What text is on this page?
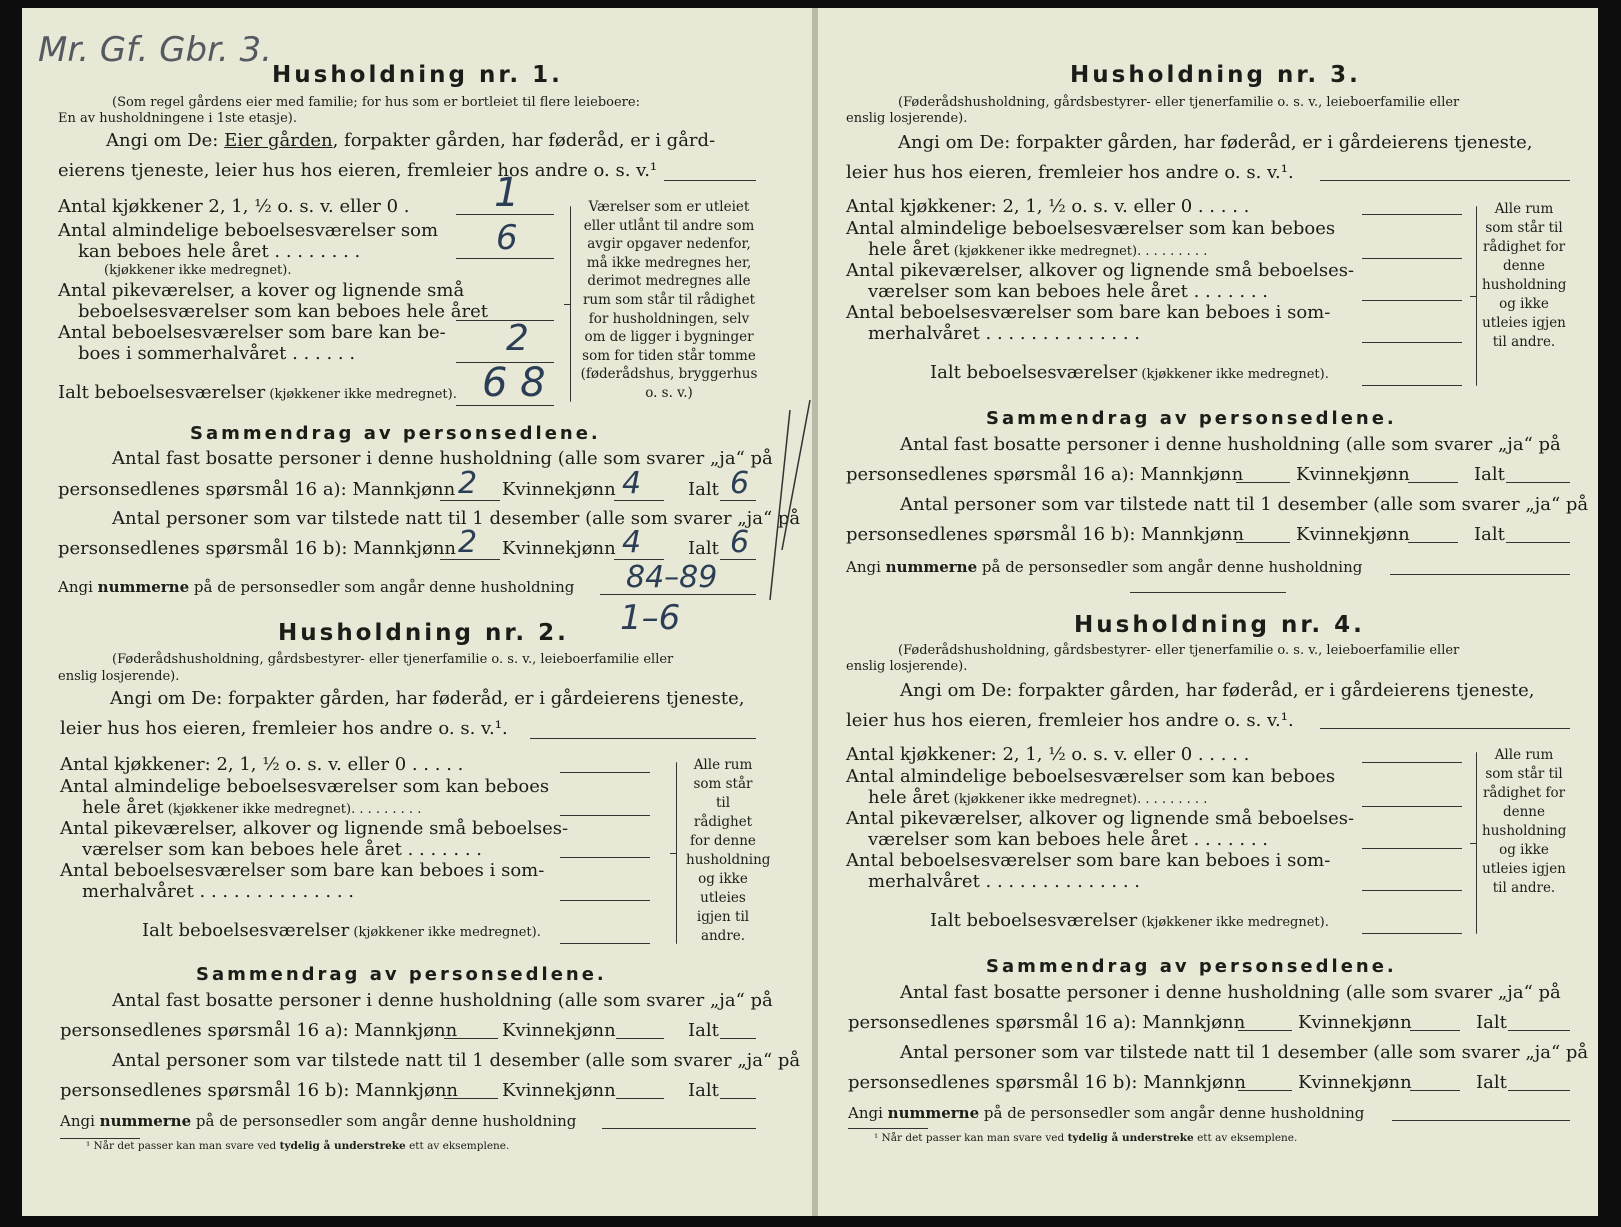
Mr. Gf. Gbr. 3.
Husholdning nr. 1.
(Som regel gårdens eier med familie; for hus som er bortleiet til flere leieboere:
En av husholdningene i 1ste etasje).
Angi om De: Eier gården, forpakter gården, har føderåd, er i gård-
eierens tjeneste, leier hus hos eieren, fremleier hos andre o. s. v.¹
Antal kjøkkener 2, 1, ½ o. s. v. eller 0 . 1
Antal almindelige beboelsesværelser som
kan beboes hele året . . . . . . . .
(kjøkkener ikke medregnet).
6
Antal pikeværelser, a kover og lignende små
beboelsesværelser som kan beboes hele året
Antal beboelsesværelser som bare kan be-
boes i sommerhalvåret . . . . . .	2
Ialt beboelsesværelser (kjøkkener ikke medregnet). 6 8
Værelser som er utleiet eller utlånt til andre som avgir opgaver nedenfor, må ikke medregnes her, derimot medregnes alle rum som står til rådighet for husholdningen, selv om de ligger i bygninger som for tiden står tomme (føderådshus, bryggerhus o. s. v.)
Sammendrag av personsedlene.
Antal fast bosatte personer i denne husholdning (alle som svarer „ja“ på
personsedlenes spørsmål 16 a): Mannkjønn 2 Kvinnekjønn 4	Ialt 6
Antal personer som var tilstede natt til 1 desember (alle som svarer „ja“ på
personsedlenes spørsmål 16 b): Mannkjønn 2 Kvinnekjønn 4	Ialt 6
Angi nummerne på de personsedler som angår denne husholdning 84–89
1–6
Husholdning nr. 2.
(Føderådshusholdning, gårdsbestyrer- eller tjenerfamilie o. s. v., leieboerfamilie eller
enslig losjerende).
Angi om De: forpakter gården, har føderåd, er i gårdeierens tjeneste,
leier hus hos eieren, fremleier hos andre o. s. v.¹.
Antal kjøkkener: 2, 1, ½ o. s. v. eller 0 . . . . .
Antal almindelige beboelsesværelser som kan beboes
hele året (kjøkkener ikke medregnet). . . . . . . . .
Antal pikeværelser, alkover og lignende små beboelses-
værelser som kan beboes hele året . . . . . . .
Antal beboelsesværelser som bare kan beboes i som-
merhalvåret . . . . . . . . . . . . . .
Ialt beboelsesværelser (kjøkkener ikke medregnet).
Alle rum som står til rådighet for denne husholdning og ikke utleies igjen til andre.
Sammendrag av personsedlene.
Antal fast bosatte personer i denne husholdning (alle som svarer „ja“ på
personsedlenes spørsmål 16 a): Mannkjønn Kvinnekjønn	Ialt
Antal personer som var tilstede natt til 1 desember (alle som svarer „ja“ på
personsedlenes spørsmål 16 b): Mannkjønn Kvinnekjønn	Ialt
Angi nummerne på de personsedler som angår denne husholdning
¹ Når det passer kan man svare ved tydelig å understreke ett av eksemplene.
Husholdning nr. 3.
(Føderådshusholdning, gårdsbestyrer- eller tjenerfamilie o. s. v., leieboerfamilie eller
enslig losjerende).
Angi om De: forpakter gården, har føderåd, er i gårdeierens tjeneste,
leier hus hos eieren, fremleier hos andre o. s. v.¹.
Antal kjøkkener: 2, 1, ½ o. s. v. eller 0 . . . . .
Antal almindelige beboelsesværelser som kan beboes
hele året (kjøkkener ikke medregnet). . . . . . . . .
Antal pikeværelser, alkover og lignende små beboelses-
værelser som kan beboes hele året . . . . . . .
Antal beboelsesværelser som bare kan beboes i som-
merhalvåret . . . . . . . . . . . . . .
Ialt beboelsesværelser (kjøkkener ikke medregnet).
Alle rum som står til rådighet for denne husholdning og ikke utleies igjen til andre.
Sammendrag av personsedlene.
Antal fast bosatte personer i denne husholdning (alle som svarer „ja“ på
personsedlenes spørsmål 16 a): Mannkjønn	Kvinnekjønn	Ialt
Antal personer som var tilstede natt til 1 desember (alle som svarer „ja“ på
personsedlenes spørsmål 16 b): Mannkjønn	Kvinnekjønn	Ialt
Angi nummerne på de personsedler som angår denne husholdning
Husholdning nr. 4.
(Føderådshusholdning, gårdsbestyrer- eller tjenerfamilie o. s. v., leieboerfamilie eller
enslig losjerende).
Angi om De: forpakter gården, har føderåd, er i gårdeierens tjeneste,
leier hus hos eieren, fremleier hos andre o. s. v.¹.
Antal kjøkkener: 2, 1, ½ o. s. v. eller 0 . . . . .
Antal almindelige beboelsesværelser som kan beboes
hele året (kjøkkener ikke medregnet). . . . . . . . .
Antal pikeværelser, alkover og lignende små beboelses-
værelser som kan beboes hele året . . . . . . .
Antal beboelsesværelser som bare kan beboes i som-
merhalvåret . . . . . . . . . . . . . .
Ialt beboelsesværelser (kjøkkener ikke medregnet).
Alle rum som står til rådighet for denne husholdning og ikke utleies igjen til andre.
Sammendrag av personsedlene.
Antal fast bosatte personer i denne husholdning (alle som svarer „ja“ på
personsedlenes spørsmål 16 a): Mannkjønn	Kvinnekjønn	Ialt
Antal personer som var tilstede natt til 1 desember (alle som svarer „ja“ på
personsedlenes spørsmål 16 b): Mannkjønn	Kvinnekjønn	Ialt
Angi nummerne på de personsedler som angår denne husholdning
¹ Når det passer kan man svare ved tydelig å understreke ett av eksemplene.
